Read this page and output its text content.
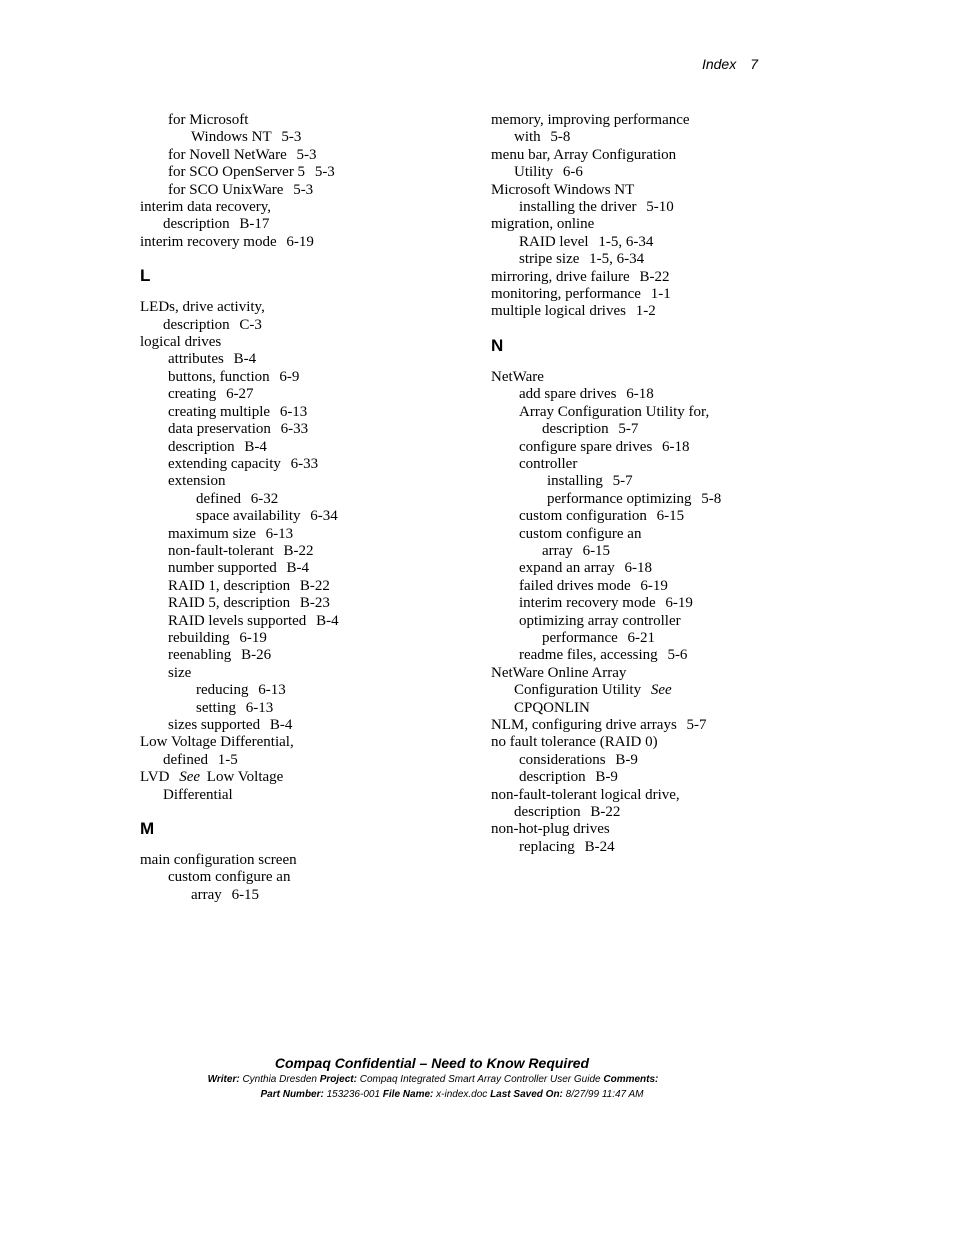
Index 7
for Microsoft
Windows NT 5-3
for Novell NetWare 5-3
for SCO OpenServer 5 5-3
for SCO UnixWare 5-3
interim data recovery,
description B-17
interim recovery mode 6-19
L
LEDs, drive activity,
description C-3
logical drives
attributes B-4
buttons, function 6-9
creating 6-27
creating multiple 6-13
data preservation 6-33
description B-4
extending capacity 6-33
extension
defined 6-32
space availability 6-34
maximum size 6-13
non-fault-tolerant B-22
number supported B-4
RAID 1, description B-22
RAID 5, description B-23
RAID levels supported B-4
rebuilding 6-19
reenabling B-26
size
reducing 6-13
setting 6-13
sizes supported B-4
Low Voltage Differential,
defined 1-5
LVD See Low Voltage
Differential
M
main configuration screen
custom configure an
array 6-15
memory, improving performance
with 5-8
menu bar, Array Configuration
Utility 6-6
Microsoft Windows NT
installing the driver 5-10
migration, online
RAID level 1-5, 6-34
stripe size 1-5, 6-34
mirroring, drive failure B-22
monitoring, performance 1-1
multiple logical drives 1-2
N
NetWare
add spare drives 6-18
Array Configuration Utility for,
description 5-7
configure spare drives 6-18
controller
installing 5-7
performance optimizing 5-8
custom configuration 6-15
custom configure an
array 6-15
expand an array 6-18
failed drives mode 6-19
interim recovery mode 6-19
optimizing array controller
performance 6-21
readme files, accessing 5-6
NetWare Online Array
Configuration Utility See
CPQONLIN
NLM, configuring drive arrays 5-7
no fault tolerance (RAID 0)
considerations B-9
description B-9
non-fault-tolerant logical drive,
description B-22
non-hot-plug drives
replacing B-24
Compaq Confidential – Need to Know Required
Writer: Cynthia Dresden Project: Compaq Integrated Smart Array Controller User Guide Comments:
Part Number: 153236-001 File Name: x-index.doc Last Saved On: 8/27/99 11:47 AM
